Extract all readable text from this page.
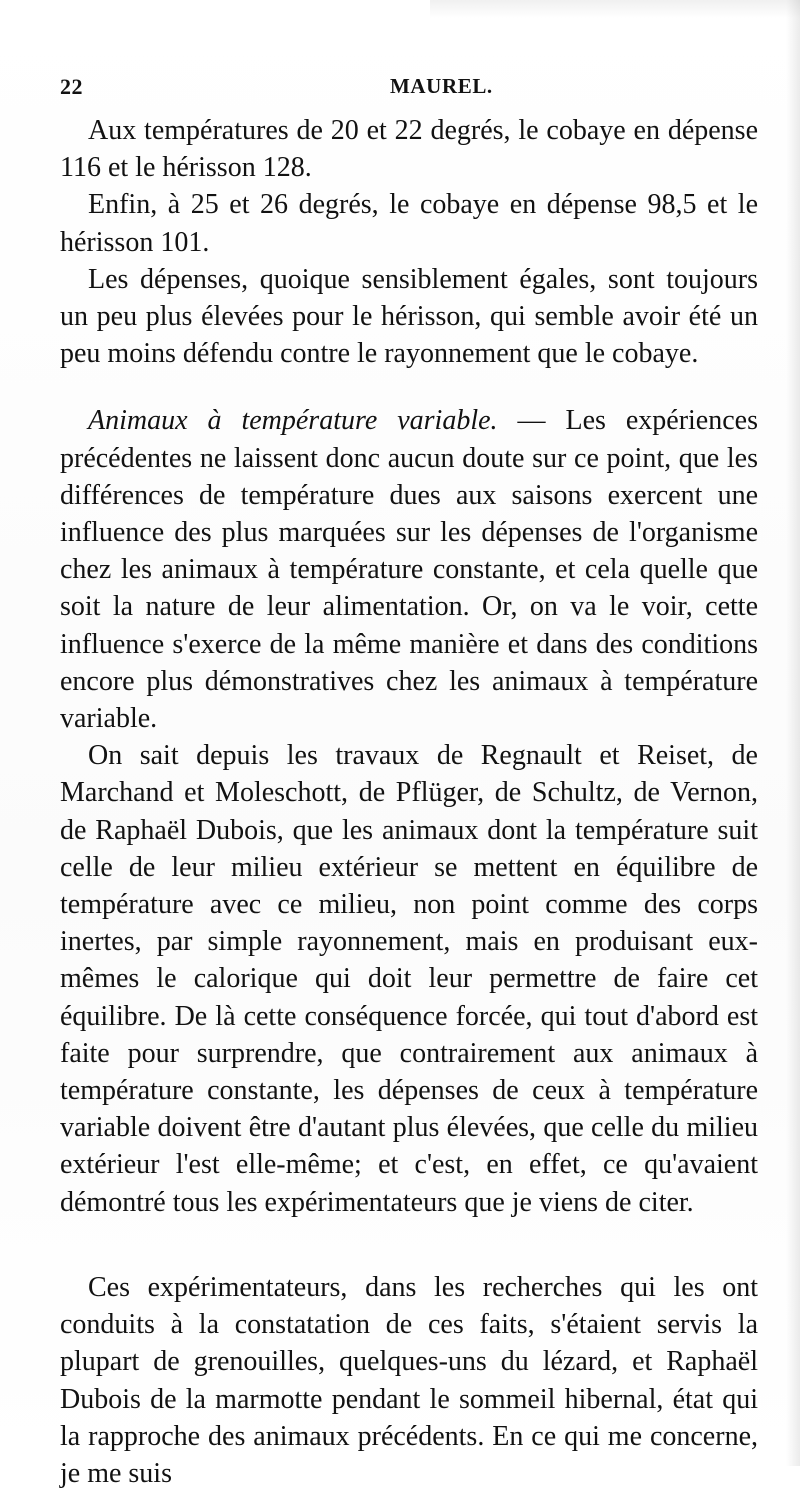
22	MAUREL.

Aux températures de 20 et 22 degrés, le cobaye en dépense 116 et le hérisson 128.

Enfin, à 25 et 26 degrés, le cobaye en dépense 98,5 et le hérisson 101.

Les dépenses, quoique sensiblement égales, sont toujours un peu plus élevées pour le hérisson, qui semble avoir été un peu moins défendu contre le rayonnement que le cobaye.

Animaux à température variable. — Les expériences précédentes ne laissent donc aucun doute sur ce point, que les différences de température dues aux saisons exercent une influence des plus marquées sur les dépenses de l'organisme chez les animaux à température constante, et cela quelle que soit la nature de leur alimentation. Or, on va le voir, cette influence s'exerce de la même manière et dans des conditions encore plus démonstratives chez les animaux à température variable.

On sait depuis les travaux de Regnault et Reiset, de Marchand et Moleschott, de Pflüger, de Schultz, de Vernon, de Raphaël Dubois, que les animaux dont la température suit celle de leur milieu extérieur se mettent en équilibre de température avec ce milieu, non point comme des corps inertes, par simple rayonnement, mais en produisant eux-mêmes le calorique qui doit leur permettre de faire cet équilibre. De là cette conséquence forcée, qui tout d'abord est faite pour surprendre, que contrairement aux animaux à température constante, les dépenses de ceux à température variable doivent être d'autant plus élevées, que celle du milieu extérieur l'est elle-même; et c'est, en effet, ce qu'avaient démontré tous les expérimentateurs que je viens de citer.

Ces expérimentateurs, dans les recherches qui les ont conduits à la constatation de ces faits, s'étaient servis la plupart de grenouilles, quelques-uns du lézard, et Raphaël Dubois de la marmotte pendant le sommeil hibernal, état qui la rapproche des animaux précédents. En ce qui me concerne, je me suis
